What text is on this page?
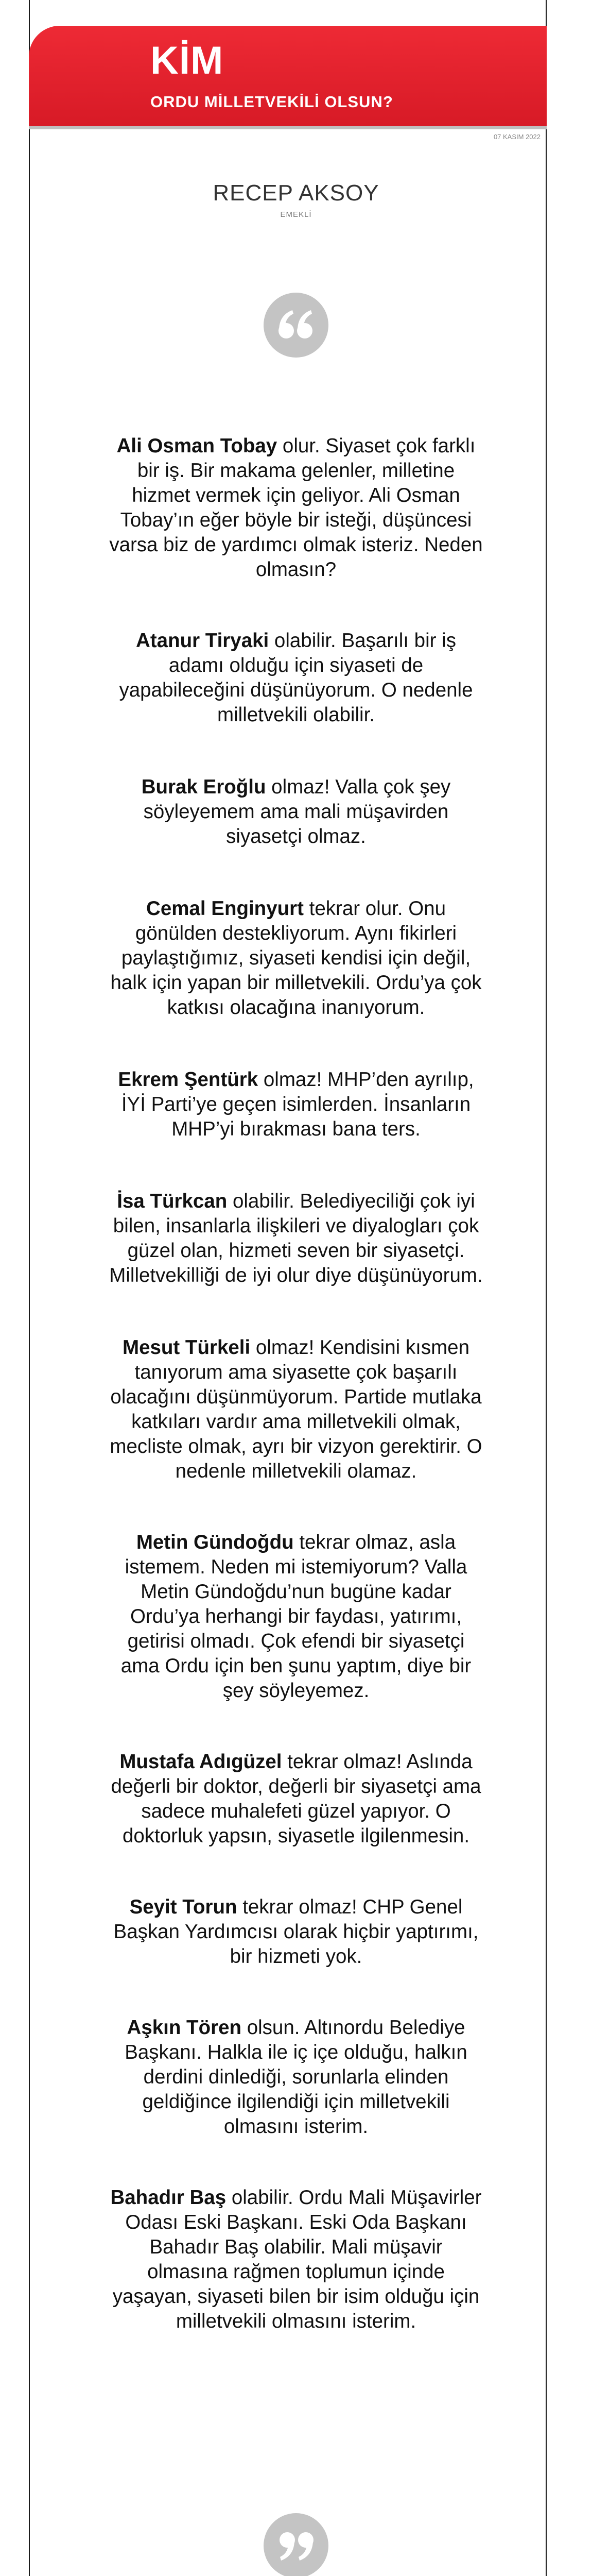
KİM
ORDU MİLLETVEKİLİ OLSUN?
07 KASIM 2022
RECEP AKSOY
EMEKLİ

Ali Osman Tobay olur. Siyaset çok farklı bir iş. Bir makama gelenler, milletine hizmet vermek için geliyor. Ali Osman Tobay’ın eğer böyle bir isteği, düşüncesi varsa biz de yardımcı olmak isteriz. Neden olmasın?

Atanur Tiryaki olabilir. Başarılı bir iş adamı olduğu için siyaseti de yapabileceğini düşünüyorum. O nedenle milletvekili olabilir.

Burak Eroğlu olmaz! Valla çok şey söyleyemem ama mali müşavirden siyasetçi olmaz.

Cemal Enginyurt tekrar olur. Onu gönülden destekliyorum. Aynı fikirleri paylaştığımız, siyaseti kendisi için değil, halk için yapan bir milletvekili. Ordu’ya çok katkısı olacağına inanıyorum.

Ekrem Şentürk olmaz! MHP’den ayrılıp, İYİ Parti’ye geçen isimlerden. İnsanların MHP’yi bırakması bana ters.

İsa Türkcan olabilir. Belediyeciliği çok iyi bilen, insanlarla ilişkileri ve diyalogları çok güzel olan, hizmeti seven bir siyasetçi. Milletvekilliği de iyi olur diye düşünüyorum.

Mesut Türkeli olmaz! Kendisini kısmen tanıyorum ama siyasette çok başarılı olacağını düşünmüyorum. Partide mutlaka katkıları vardır ama milletvekili olmak, mecliste olmak, ayrı bir vizyon gerektirir. O nedenle milletvekili olamaz.

Metin Gündoğdu tekrar olmaz, asla istemem. Neden mi istemiyorum? Valla Metin Gündoğdu’nun bugüne kadar Ordu’ya herhangi bir faydası, yatırımı, getirisi olmadı. Çok efendi bir siyasetçi ama Ordu için ben şunu yaptım, diye bir şey söyleyemez.

Mustafa Adıgüzel tekrar olmaz! Aslında değerli bir doktor, değerli bir siyasetçi ama sadece muhalefeti güzel yapıyor. O doktorluk yapsın, siyasetle ilgilenmesin.

Seyit Torun tekrar olmaz! CHP Genel Başkan Yardımcısı olarak hiçbir yaptırımı, bir hizmeti yok.

Aşkın Tören olsun. Altınordu Belediye Başkanı. Halkla ile iç içe olduğu, halkın derdini dinlediği, sorunlarla elinden geldiğince ilgilendiği için milletvekili olmasını isterim.

Bahadır Baş olabilir. Ordu Mali Müşavirler Odası Eski Başkanı. Eski Oda Başkanı Bahadır Baş olabilir. Mali müşavir olmasına rağmen toplumun içinde yaşayan, siyaseti bilen bir isim olduğu için milletvekili olmasını isterim.
